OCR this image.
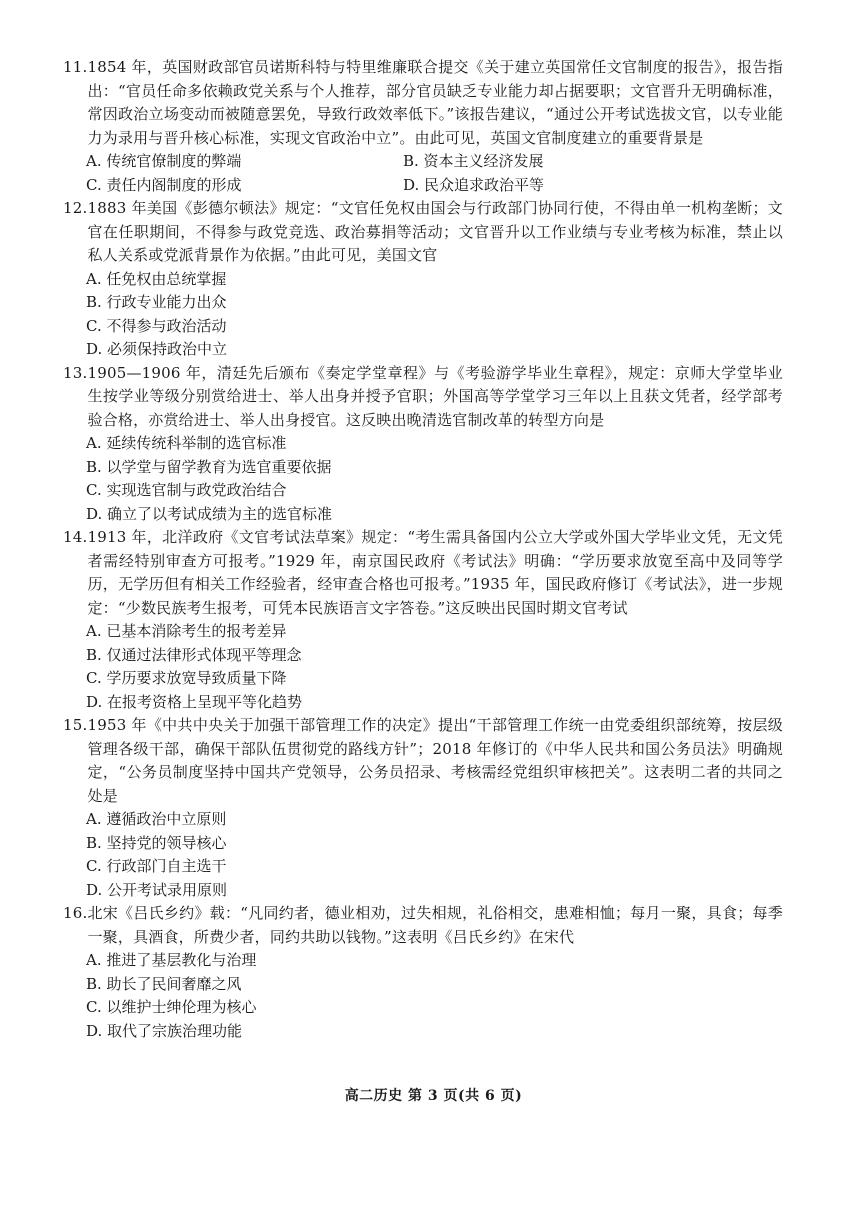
11. 1854 年，英国财政部官员诺斯科特与特里维廉联合提交《关于建立英国常任文官制度的报告》，报告指出：“官员任命多依赖政党关系与个人推荐，部分官员缺乏专业能力却占据要职；文官晋升无明确标准，常因政治立场变动而被随意罢免，导致行政效率低下。”该报告建议，“通过公开考试选拔文官，以专业能力为录用与晋升核心标准，实现文官政治中立”。由此可见，英国文官制度建立的重要背景是
A. 传统官僚制度的弊端	B. 资本主义经济发展
C. 责任内阁制度的形成	D. 民众追求政治平等
12. 1883 年美国《彭德尔顿法》规定：“文官任免权由国会与行政部门协同行使，不得由单一机构垄断；文官在任职期间，不得参与政党竞选、政治募捐等活动；文官晋升以工作业绩与专业考核为标准，禁止以私人关系或党派背景作为依据。”由此可见，美国文官
A. 任免权由总统掌握
B. 行政专业能力出众
C. 不得参与政治活动
D. 必须保持政治中立
13. 1905—1906 年，清廷先后颁布《奏定学堂章程》与《考验游学毕业生章程》，规定：京师大学堂毕业生按学业等级分别赏给进士、举人出身并授予官职；外国高等学堂学习三年以上且获文凭者，经学部考验合格，亦赏给进士、举人出身授官。这反映出晚清选官制改革的转型方向是
A. 延续传统科举制的选官标准
B. 以学堂与留学教育为选官重要依据
C. 实现选官制与政党政治结合
D. 确立了以考试成绩为主的选官标准
14. 1913 年，北洋政府《文官考试法草案》规定：“考生需具备国内公立大学或外国大学毕业文凭，无文凭者需经特别审查方可报考。”1929 年，南京国民政府《考试法》明确：“学历要求放宽至高中及同等学历，无学历但有相关工作经验者，经审查合格也可报考。”1935 年，国民政府修订《考试法》，进一步规定：“少数民族考生报考，可凭本民族语言文字答卷。”这反映出民国时期文官考试
A. 已基本消除考生的报考差异
B. 仅通过法律形式体现平等理念
C. 学历要求放宽导致质量下降
D. 在报考资格上呈现平等化趋势
15. 1953 年《中共中央关于加强干部管理工作的决定》提出“干部管理工作统一由党委组织部统筹，按层级管理各级干部，确保干部队伍贯彻党的路线方针”；2018 年修订的《中华人民共和国公务员法》明确规定，“公务员制度坚持中国共产党领导，公务员招录、考核需经党组织审核把关”。这表明二者的共同之处是
A. 遵循政治中立原则
B. 坚持党的领导核心
C. 行政部门自主选干
D. 公开考试录用原则
16. 北宋《吕氏乡约》载：“凡同约者，德业相劝，过失相规，礼俗相交，患难相恤；每月一聚，具食；每季一聚，具酒食，所费少者，同约共助以钱物。”这表明《吕氏乡约》在宋代
A. 推进了基层教化与治理
B. 助长了民间奢靡之风
C. 以维护士绅伦理为核心
D. 取代了宗族治理功能
高二历史 第 3 页(共 6 页)
